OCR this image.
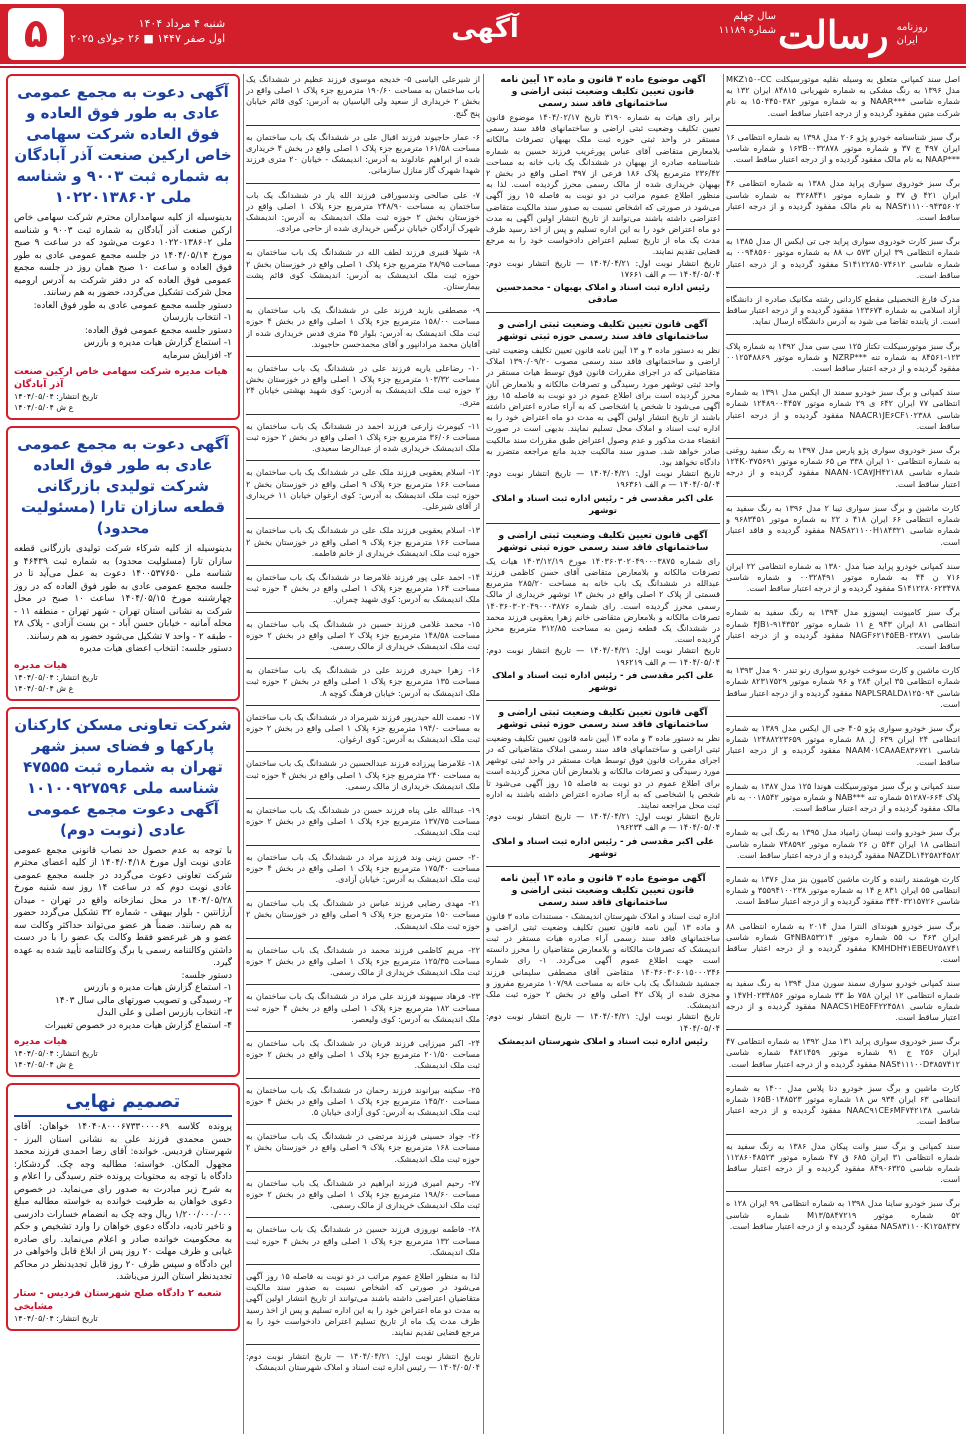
روزنامه
ایران
رسالت
سال چهلم
شماره ۱۱۱۸۹
آگهی
شنبه ۴ مرداد ۱۴۰۴
اول صفر ۱۴۴۷ ■ ۲۶ جولای ۲۰۲۵
۵
اصل سند کمپانی متعلق به وسیله نقلیه موتورسیکلت MKZ۱۵۰-CC مدل ۱۳۹۶ به رنگ مشکی به شماره شهربانی ۸۴۸۱۵ ایران ۱۳۲ به شماره شاسی ***NAAR و به شماره موتور ۱۵۰۴۴۵۰۳۸۲ به نام شرکت متین مفقود گردیده و از درجه اعتبار ساقط است.
برگ سبز شناسنامه خودرو پژو ۲۰۶ مدل ۱۳۹۸ به شماره انتظامی ۱۶ ایران ۴۹۷ ج ۳۷ و شماره موتور ۱۶۳B۰۰۳۲۸۷۸ و شماره شاسی ***NAAP به نام مالک مفقود گردیده و از درجه اعتبار ساقط است.
برگ سبز خودروی سواری پراید مدل ۱۳۸۸ به شماره انتظامی ۴۶ ایران ۴۲۱ ق ۳۷ و شماره موتور ۳۲۶۸۴۴۱ به شماره شاسی NAS۴۱۱۱۰۰۹۴۳۵۶۰۲ به نام مالک مفقود گردیده و از درجه اعتبار ساقط است.
برگ سبز کارت خودروی سواری پراید جی تی ایکس ال مدل ۱۳۸۵ به شماره انتظامی ۳۹ ایران ۵۷۳ ب ۸۸ به شماره موتور ۰۰۹۴۸۵۶۰ به شماره شاسی S۱۴۱۲۲۸۵۰۷۴۶۱۲ مفقود گردیده و از درجه اعتبار ساقط است.
مدرک فارغ التحصیلی مقطع کاردانی رشته مکانیک صادره از دانشگاه آزاد اسلامی به شماره ۱۲۳۶۷۴ مفقود گردیده و از درجه اعتبار ساقط است. از یابنده تقاضا می شود به آدرس دانشگاه ارسال نماید.
برگ سبز موتورسیکلت تکتاز ۱۲۵ سی سی مدل ۱۳۹۲ به شماره پلاک ۱۲۳-۸۴۵۶۱ به شماره تنه ***NZRP و شماره موتور ۰۰۱۲۵۴۸۸۶۹ مفقود گردیده و از درجه اعتبار ساقط است.
سند کمپانی و برگ سبز خودرو سمند ال ایکس مدل ۱۳۹۱ به شماره انتظامی ۷۷ ایران ۶۴۲ ی ۲۹ شماره موتور ۱۲۴۸۹۰۰۴۴۵۷ شماره شاسی NAACR۱JE۶CF۱۰۲۳۸۸ مفقود گردیده و از درجه اعتبار ساقط است.
برگ سبز خودروی سواری پژو پارس مدل ۱۳۹۷ به رنگ سفید روغنی به شماره انتظامی ۱۰ ایران ۳۳۸ ص ۶۵ شماره موتور ۱۲۴K۰۳۷۵۶۹۱ شماره شاسی NAAN۰۱CA۷JH۴۲۱۸۸ مفقود گردیده و از درجه اعتبار ساقط است.
کارت ماشین و برگ سبز سواری تیبا ۲ مدل ۱۳۹۶ به رنگ سفید به شماره انتظامی ۶۶ ایران ۴۱۸ د ۲۲ به شماره موتور ۹۶۸۳۴۵۱ و شماره شاسی NAS۸۲۱۱۰۰H۱۸۴۳۲۱ مفقود گردیده و فاقد اعتبار است.
سند کمپانی خودرو پراید صبا مدل ۱۳۸۰ به شماره انتظامی ۲۲ ایران ۷۱۶ ن ۴۴ به شماره موتور ۰۰۳۲۸۴۹۱ و شماره شاسی S۱۴۱۲۲۸۰۶۲۳۴۷۸ مفقود گردیده و از درجه اعتبار ساقط است.
برگ سبز کامیونت ایسوزو مدل ۱۳۹۴ به رنگ سفید به شماره انتظامی ۸۱ ایران ۹۴۳ ع ۱۱ شماره موتور ۴JB۱-۹۱۴۳۵۲ شماره شاسی NAGF۶۲۱۴۵EB۰۲۳۸۷۱ مفقود گردیده و از درجه اعتبار ساقط است.
کارت ماشین و کارت سوخت خودرو سواری رنو تندر ۹۰ مدل ۱۳۹۳ به شماره انتظامی ۳۵ ایران ۲۸۴ و ۹۶ شماره موتور ۸۲۳۱۷۵۲۹ شماره شاسی NAPLSRALD۸۱۲۵۰۹۴ مفقود گردیده و از درجه اعتبار ساقط است.
برگ سبز خودرو سواری پژو ۴۰۵ جی ال ایکس مدل ۱۳۸۹ به شماره انتظامی ۲۴ ایران ۶۳۹ ل ۸۸ شماره موتور ۱۲۴۸۸۲۲۳۶۵۹ شماره شاسی NAAM۰۱CA۸AE۸۳۶۷۲۱ مفقود گردیده و از درجه اعتبار ساقط است.
سند کمپانی و برگ سبز موتورسیکلت هوندا ۱۲۵ مدل ۱۳۸۷ به شماره پلاک ۶۶۴-۵۱۲۸۷ شماره تنه ***NAB و شماره موتور ۰۰۱۸۵۴۲ به نام مالک مفقود گردیده و از درجه اعتبار ساقط است.
برگ سبز خودرو وانت نیسان زامیاد مدل ۱۳۹۵ به رنگ آبی به شماره انتظامی ۱۸ ایران ۵۴۳ ن ۲۶ شماره موتور ۷۴۸۵۹۲ شماره شاسی NAZDL۱۴۲۵۸۲۴۵۸۲ مفقود گردیده و از درجه اعتبار ساقط است.
کارت هوشمند راننده و کارت ماشین کامیون بنز مدل ۱۳۷۶ به شماره انتظامی ۵۵ ایران ۸۳۱ ع ۱۴ به شماره موتور ۳۵۵۹۴۱۰۰۲۳۸ و شماره شاسی ۳۴۴۰۳۲۱۵۷۲۶ مفقود گردیده و از درجه اعتبار ساقط است.
برگ سبز خودرو هیوندای النترا مدل ۲۰۱۴ به شماره انتظامی ۸۸ ایران ۴۶۳ ب ۵۵ شماره موتور G۴NB۸۵۳۲۱۴ شماره شاسی KMHDH۴۱EBEU۲۵۸۷۴۱ مفقود گردیده و از درجه اعتبار ساقط است.
سند کمپانی خودرو سواری سمند سورن مدل ۱۳۹۴ به رنگ سفید به شماره انتظامی ۱۲ ایران ۷۵۸ ط ۳۳ شماره موتور ۱۴۷H۰۲۳۴۸۵۶ و شماره شاسی NAACS۱HE۵FF۲۲۴۵۸۱ مفقود گردیده و از درجه اعتبار ساقط است.
برگ سبز خودروی سواری پراید ۱۳۱ مدل ۱۳۹۲ به شماره انتظامی ۴۷ ایران ۲۵۶ ج ۹۱ شماره موتور ۴۸۲۱۴۵۹ شماره شاسی NAS۴۱۱۱۰۰D۳۸۵۷۴۱۲ مفقود گردیده و از درجه اعتبار ساقط است.
کارت ماشین و برگ سبز خودرو دنا پلاس مدل ۱۴۰۰ به شماره انتظامی ۶۳ ایران ۹۳۴ س ۱۸ شماره موتور ۱۶۵B۰۱۴۸۵۲۳ شماره شاسی NAAC۹۱CE۶MF۷۴۲۱۳۸ مفقود گردیده و از درجه اعتبار ساقط است.
سند کمپانی و برگ سبز وانت پیکان مدل ۱۳۸۶ به رنگ سفید به شماره انتظامی ۳۱ ایران ۶۸۵ ق ۴۷ شماره موتور ۱۱۲۸۶۰۴۸۵۲۳ شماره شاسی ۸۴۹۰۶۳۲۵ مفقود گردیده و از درجه اعتبار ساقط است.
برگ سبز خودرو ساینا مدل ۱۳۹۸ به شماره انتظامی ۹۹ ایران ۱۲۸ ه ۵۲ شماره موتور M۱۳/۵۸۴۷۲۱۹ شماره شاسی NAS۸۳۱۱۰۰K۱۲۵۸۴۳۷ مفقود گردیده و از درجه اعتبار ساقط است.
آگهی موضوع ماده ۳ قانون و ماده ۱۳ آیین نامه قانون تعیین تکلیف وضعیت ثبتی اراضی و ساختمانهای فاقد سند رسمی
برابر رای هیات به شماره ۳۱۹۰ تاریخ ۱۴۰۴/۰۲/۱۷ موضوع قانون تعیین تکلیف وضعیت ثبتی اراضی و ساختمانهای فاقد سند رسمی مستقر در واحد ثبتی حوزه ثبت ملک بهبهان تصرفات مالکانه بلامعارض متقاضی آقای عباس پورغریب فرزند حسین به شماره شناسنامه صادره از بهبهان در ششدانگ یک باب خانه به مساحت ۲۳۶/۴۲ مترمربع پلاک ۱۸۶ فرعی از ۳۹۷ اصلی واقع در بخش ۲ بهبهان خریداری شده از مالک رسمی محرز گردیده است. لذا به منظور اطلاع عموم مراتب در دو نوبت به فاصله ۱۵ روز آگهی می‌شود در صورتی که اشخاص نسبت به صدور سند مالکیت متقاضی اعتراضی داشته باشند می‌توانند از تاریخ انتشار اولین آگهی به مدت دو ماه اعتراض خود را به این اداره تسلیم و پس از اخذ رسید ظرف مدت یک ماه از تاریخ تسلیم اعتراض دادخواست خود را به مرجع قضایی تقدیم نمایند.
تاریخ انتشار نوبت اول: ۱۴۰۴/۰۴/۲۱ — تاریخ انتشار نوبت دوم: ۱۴۰۴/۰۵/۰۴ — م الف ۱۷۶۶۱
رئیس اداره ثبت اسناد و املاک بهبهان - محمدحسین صادقی
آگهی قانون تعیین تکلیف وضعیت ثبتی اراضی و ساختمانهای فاقد سند رسمی حوزه ثبتی توشهر
نظر به دستور ماده ۳ و ۱۳ آیین نامه قانون تعیین تکلیف وضعیت ثبتی اراضی و ساختمانهای فاقد سند رسمی مصوب ۱۳۹۰/۰۹/۲۰ املاک متقاضیانی که در اجرای مقررات قانون فوق توسط هیات مستقر در واحد ثبتی توشهر مورد رسیدگی و تصرفات مالکانه و بلامعارض آنان محرز گردیده است برای اطلاع عموم در دو نوبت به فاصله ۱۵ روز آگهی می‌شود تا شخص یا اشخاصی که به آراء صادره اعتراض داشته باشند از تاریخ انتشار اولین آگهی به مدت دو ماه اعتراض خود را به اداره ثبت اسناد و املاک محل تسلیم نمایند. بدیهی است در صورت انقضاء مدت مذکور و عدم وصول اعتراض طبق مقررات سند مالکیت صادر خواهد شد. صدور سند مالکیت جدید مانع مراجعه متضرر به دادگاه نخواهد بود.
تاریخ انتشار نوبت اول: ۱۴۰۴/۰۴/۲۱ — تاریخ انتشار نوبت دوم: ۱۴۰۴/۰۵/۰۴ — م الف ۱۹۶۳۶۱
علی اکبر مقدسی فر - رئیس اداره ثبت اسناد و املاک توشهر
آگهی قانون تعیین تکلیف وضعیت ثبتی اراضی و ساختمانهای فاقد سند رسمی حوزه ثبتی توشهر
رای شماره ۱۴۰۳۶۰۳۰۲۰۴۹۰۰۰۳۸۷۵ مورخ ۱۴۰۳/۱۲/۱۹ هیات یک تصرفات مالکانه و بلامعارض متقاضی آقای حسن کاظمی فرزند عبدالله در ششدانگ یک باب خانه به مساحت ۲۸۵/۲۰ مترمربع قسمتی از پلاک ۲ اصلی واقع در بخش ۱۳ توشهر خریداری از مالک رسمی محرز گردیده است. رای شماره ۱۴۰۳۶۰۳۰۲۰۴۹۰۰۰۳۸۷۶ تصرفات مالکانه و بلامعارض متقاضی خانم زهرا یعقوبی فرزند محمد در ششدانگ یک قطعه زمین به مساحت ۳۱۲/۸۵ مترمربع محرز گردیده است.
تاریخ انتشار نوبت اول: ۱۴۰۴/۰۴/۲۱ — تاریخ انتشار نوبت دوم: ۱۴۰۴/۰۵/۰۴ — م الف ۱۹۶۲۱۹
علی اکبر مقدسی فر - رئیس اداره ثبت اسناد و املاک توشهر
آگهی قانون تعیین تکلیف وضعیت ثبتی اراضی و ساختمانهای فاقد سند رسمی حوزه ثبتی توشهر
نظر به دستور ماده ۳ و ماده ۱۳ آیین نامه قانون تعیین تکلیف وضعیت ثبتی اراضی و ساختمانهای فاقد سند رسمی املاک متقاضیانی که در اجرای مقررات قانون فوق توسط هیات مستقر در واحد ثبتی توشهر مورد رسیدگی و تصرفات مالکانه و بلامعارض آنان محرز گردیده است برای اطلاع عموم در دو نوبت به فاصله ۱۵ روز آگهی می‌شود تا شخص یا اشخاصی که به آراء صادره اعتراض داشته باشند به اداره ثبت محل مراجعه نمایند.
تاریخ انتشار نوبت اول: ۱۴۰۴/۰۴/۲۱ — تاریخ انتشار نوبت دوم: ۱۴۰۴/۰۵/۰۴ — م الف ۱۹۶۲۳۴
علی اکبر مقدسی فر - رئیس اداره ثبت اسناد و املاک توشهر
آگهی موضوع ماده ۳ قانون و ماده ۱۳ آیین نامه قانون تعیین تکلیف وضعیت ثبتی اراضی و ساختمانهای فاقد سند رسمی
اداره ثبت اسناد و املاک شهرستان اندیمشک - مستندات ماده ۳ قانون و ماده ۱۳ آیین نامه قانون تعیین تکلیف وضعیت ثبتی اراضی و ساختمانهای فاقد سند رسمی آراء صادره هیات مستقر در ثبت اندیمشک که تصرفات مالکانه و بلامعارض متقاضیان را محرز دانسته است جهت اطلاع عموم آگهی می‌گردد. ۱- رای شماره ۱۴۰۴۶۰۳۰۶۰۱۵۰۰۰۳۴۶ متقاضی آقای مصطفی سلیمانی فرزند جمشید ششدانگ یک باب خانه به مساحت ۱۰۷/۹۸ مترمربع مفروز و مجزی شده از پلاک ۴۲ اصلی واقع در بخش ۲ حوزه ثبت ملک اندیمشک.
تاریخ انتشار نوبت اول: ۱۴۰۴/۰۴/۲۱ — تاریخ انتشار نوبت دوم: ۱۴۰۴/۰۵/۰۴
رئیس اداره ثبت اسناد و املاک شهرستان اندیمشک
از شیرعلی الیاسی ۵- خدیجه موسوی فرزند عظیم در ششدانگ یک باب ساختمان به مساحت ۱۹۰/۶۰ مترمربع جزء پلاک ۱ اصلی واقع در بخش ۲ خریداری از سعید ولی الیاسیان به آدرس: کوی قائم خیابان پنج گنج.
۶- عمار حاجیوند فرزند اقبال علی در ششدانگ یک باب ساختمان به مساحت ۱۶۱/۵۸ مترمربع جزء پلاک ۱ اصلی واقع در بخش ۴ خریداری شده از ابراهیم عادلوند به آدرس: اندیمشک - خیابان ۲۰ متری فرزند شهدا شهرک گاز منازل سازمانی.
۷- علی صالحی وندسوراقی فرزند الله یار در ششدانگ یک باب ساختمان به مساحت ۲۴۸/۹۰ مترمربع جزء پلاک ۱ اصلی واقع در خوزستان بخش ۲ حوزه ثبت ملک اندیمشک به آدرس: اندیمشک شهرک آزادگان خیابان نرگس خریداری شده از حاجی مرادی.
۸- شهلا قنبری فرزند لطف الله در ششدانگ یک باب ساختمان به مساحت ۲۸/۹۵ مترمربع جزء پلاک ۱ اصلی واقع در خوزستان بخش ۲ حوزه ثبت ملک اندیمشک به آدرس: اندیمشک کوی قائم پشت بیمارستان.
۹- مصطفی بازید فرزند علی در ششدانگ یک باب ساختمان به مساحت ۱۵۸/۰۰ مترمربع جزء پلاک ۱ اصلی واقع در بخش ۴ حوزه ثبت ملک اندیمشک به آدرس: بلوار ۴۵ متری قدس خریداری شده از آقایان محمد مرادانپور و آقای محمدحسن حاجیوند.
۱۰- رضاعلی یاریه فرزند علی در ششدانگ یک باب ساختمان به مساحت ۱۰۳/۳۲ مترمربع جزء پلاک ۱ اصلی واقع در خوزستان بخش ۲ حوزه ثبت ملک اندیمشک به آدرس: کوی شهید بهشتی خیابان ۲۴ متری.
۱۱- کیومرث زارعی فرزند احمد در ششدانگ یک باب ساختمان به مساحت ۳۶/۰۶ مترمربع جزء پلاک ۱ اصلی واقع در بخش ۲ حوزه ثبت ملک اندیمشک خریداری شده از عبدالرضا سعیدی.
۱۲- اسلام یعقوبی فرزند ملک علی در ششدانگ یک باب ساختمان به مساحت ۱۶۶ مترمربع جزء پلاک ۹ اصلی واقع در خوزستان بخش ۲ حوزه ثبت ملک اندیمشک به آدرس: کوی ارغوان خیابان ۱۱ خریداری از آقای شیرعلی.
۱۳- اسلام یعقوبی فرزند ملک علی در ششدانگ یک باب ساختمان به مساحت ۱۶۶ مترمربع جزء پلاک ۹ اصلی واقع در خوزستان بخش ۲ حوزه ثبت ملک اندیمشک خریداری از خانم فاطمه.
۱۴- احمد علی پور فرزند غلامرضا در ششدانگ یک باب ساختمان به مساحت ۱۶۴ مترمربع جزء پلاک ۱ اصلی واقع در بخش ۴ حوزه ثبت ملک اندیمشک به آدرس: کوی شهید چمران.
۱۵- محمد غلامی فرزند حسین در ششدانگ یک باب ساختمان به مساحت ۱۴۸/۵۸ مترمربع جزء پلاک ۲ اصلی واقع در بخش ۲ حوزه ثبت ملک اندیمشک خریداری از مالک رسمی.
۱۶- زهرا حیدری فرزند علی در ششدانگ یک باب ساختمان به مساحت ۱۳۵ مترمربع جزء پلاک ۱ اصلی واقع در بخش ۲ حوزه ثبت ملک اندیمشک به آدرس: خیابان فرهنگ کوچه ۸.
۱۷- نعمت الله حیدرپور فرزند شیرمراد در ششدانگ یک باب ساختمان به مساحت ۱۹۴/۰ مترمربع جزء پلاک ۱ اصلی واقع در بخش ۲ حوزه ثبت ملک اندیمشک به آدرس: کوی ارغوان.
۱۸- غلامرضا پیرزاده فرزند عبدالحسین در ششدانگ یک باب ساختمان به مساحت ۲۴۰ مترمربع جزء پلاک ۱ اصلی واقع در بخش ۴ حوزه ثبت ملک اندیمشک خریداری از مالک رسمی.
۱۹- عبدالله علی پناه فرزند حسن در ششدانگ یک باب ساختمان به مساحت ۱۳۷/۷۵ مترمربع جزء پلاک ۱ اصلی واقع در بخش ۲ حوزه ثبت ملک اندیمشک.
۲۰- حسن زینی وند فرزند مراد در ششدانگ یک باب ساختمان به مساحت ۱۷۵/۴۰ مترمربع جزء پلاک ۱ اصلی واقع در بخش ۴ حوزه ثبت ملک اندیمشک به آدرس: خیابان آزادی.
۲۱- مهدی رضایی فرزند عباس در ششدانگ یک باب ساختمان به مساحت ۱۵۰ مترمربع جزء پلاک ۹ اصلی واقع در خوزستان بخش ۲ حوزه ثبت ملک اندیمشک.
۲۲- مریم کاظمی فرزند محمد در ششدانگ یک باب ساختمان به مساحت ۱۲۵/۳۵ مترمربع جزء پلاک ۱ اصلی واقع در بخش ۲ حوزه ثبت ملک اندیمشک خریداری از مالک رسمی.
۲۳- فرهاد سپهوند فرزند علی مراد در ششدانگ یک باب ساختمان به مساحت ۱۸۲ مترمربع جزء پلاک ۱ اصلی واقع در بخش ۴ حوزه ثبت ملک اندیمشک به آدرس: کوی ولیعصر.
۲۴- اکبر میرزایی فرزند قربان در ششدانگ یک باب ساختمان به مساحت ۲۰۱/۵۰ مترمربع جزء پلاک ۱ اصلی واقع در بخش ۲ حوزه ثبت ملک اندیمشک.
۲۵- سکینه بیرانوند فرزند رحمان در ششدانگ یک باب ساختمان به مساحت ۱۴۵/۲۰ مترمربع جزء پلاک ۱ اصلی واقع در بخش ۴ حوزه ثبت ملک اندیمشک به آدرس: کوی آزادی خیابان ۵.
۲۶- جواد حسینی فرزند مرتضی در ششدانگ یک باب ساختمان به مساحت ۱۶۸ مترمربع جزء پلاک ۹ اصلی واقع در خوزستان بخش ۲ حوزه ثبت ملک اندیمشک.
۲۷- رحیم امیری فرزند ابراهیم در ششدانگ یک باب ساختمان به مساحت ۱۹۸/۶۰ مترمربع جزء پلاک ۱ اصلی واقع در بخش ۲ حوزه ثبت ملک اندیمشک خریداری از مالک رسمی.
۲۸- فاطمه نوروزی فرزند حسین در ششدانگ یک باب ساختمان به مساحت ۱۳۲ مترمربع جزء پلاک ۱ اصلی واقع در بخش ۴ حوزه ثبت ملک اندیمشک.
لذا به منظور اطلاع عموم مراتب در دو نوبت به فاصله ۱۵ روز آگهی می‌شود در صورتی که اشخاص نسبت به صدور سند مالکیت متقاضیان اعتراضی داشته باشند می‌توانند از تاریخ انتشار اولین آگهی به مدت دو ماه اعتراض خود را به این اداره تسلیم و پس از اخذ رسید ظرف مدت یک ماه از تاریخ تسلیم اعتراض دادخواست خود را به مرجع قضایی تقدیم نمایند.
تاریخ انتشار نوبت اول: ۱۴۰۴/۰۴/۲۱ — تاریخ انتشار نوبت دوم: ۱۴۰۴/۰۵/۰۴ — رئیس اداره ثبت اسناد و املاک شهرستان اندیمشک
آگهی دعوت به مجمع عمومی عادی به طور فوق العاده و فوق العاده شرکت سهامی خاص ارکین صنعت آذر آبادگان به شماره ثبت ۹۰۰۳ و شناسه ملی ۱۰۲۲۰۱۳۸۶۰۲
بدینوسیله از کلیه سهامداران محترم شرکت سهامی خاص ارکین صنعت آذر آبادگان به شماره ثبت ۹۰۰۳ و شناسه ملی ۱۰۲۲۰۱۳۸۶۰۲ دعوت می‌شود که در ساعت ۹ صبح مورخ ۱۴۰۴/۰۵/۱۴ در جلسه مجمع عمومی عادی به طور فوق العاده و ساعت ۱۰ صبح همان روز در جلسه مجمع عمومی فوق العاده که در دفتر شرکت به آدرس ارومیه محل شرکت تشکیل می‌گردد، حضور به هم رسانند.
دستور جلسه مجمع عمومی عادی به طور فوق العاده:
۱- انتخاب بازرسان
دستور جلسه مجمع عمومی فوق العاده:
۱- استماع گزارش هیات مدیره و بازرس
۲- افزایش سرمایه
هیات مدیره شرکت سهامی خاص ارکین صنعت آذر آبادگان
تاریخ انتشار: ۱۴۰۴/۰۵/۰۴
ع ش ۱۴۰۴/۰۵/۰۴
آگهی دعوت به مجمع عمومی عادی به طور فوق العاده شرکت تولیدی بازرگانی قطعه سازان تارا (مسئولیت محدود)
بدینوسیله از کلیه شرکاء شرکت تولیدی بازرگانی قطعه سازان تارا (مسئولیت محدود) به شماره ثبت ۴۶۴۳۹ و شناسه ملی ۱۴۰۰۵۳۷۶۵۰ دعوت به عمل می‌آید تا در جلسه مجمع عمومی عادی به طور فوق العاده که در روز چهارشنبه مورخ ۱۴۰۴/۰۵/۱۵ ساعت ۱۰ صبح در محل شرکت به نشانی استان تهران - شهر تهران - منطقه ۱۱ - محله آمانیه - خیابان حسن آباد - بن بست آزادی - پلاک ۲۸ - طبقه ۲ - واحد ۷ تشکیل می‌شود حضور به هم رسانند.
دستور جلسه: انتخاب اعضای هیات مدیره
هیات مدیره
تاریخ انتشار: ۱۴۰۴/۰۵/۰۴
ع ش ۱۴۰۴/۰۵/۰۴
شرکت تعاونی مسکن کارکنان پارکها و فضای سبز شهر تهران به شماره ثبت ۴۷۵۵۵ شناسه ملی ۱۰۱۰۰۹۲۷۵۹۶ آگهی دعوت مجمع عمومی عادی (نوبت دوم)
با توجه به عدم حصول حد نصاب قانونی مجمع عمومی عادی نوبت اول مورخ ۱۴۰۴/۰۴/۱۸ از کلیه اعضای محترم شرکت تعاونی دعوت می‌گردد در جلسه مجمع عمومی عادی نوبت دوم که در ساعت ۱۴ روز سه شنبه مورخ ۱۴۰۴/۰۵/۲۸ در محل نمازخانه واقع در تهران - میدان آرژانتین - بلوار بیهقی - شماره ۳۲ تشکیل می‌گردد حضور به هم رسانند. ضمناً هر عضو می‌تواند حداکثر وکالت سه عضو و هر غیرعضو فقط وکالت یک عضو را با در دست داشتن وکالتنامه رسمی یا برگ وکالتنامه تأیید شده به عهده گیرد.
دستور جلسه:
۱- استماع گزارش هیات مدیره و بازرس
۲- رسیدگی و تصویب صورتهای مالی سال ۱۴۰۳
۳- انتخاب بازرس اصلی و علی البدل
۴- استماع گزارش هیات مدیره در خصوص تغییرات
هیات مدیره
تاریخ انتشار: ۱۴۰۴/۰۵/۰۴
ع ش ۱۴۰۴/۰۵/۰۴
تصمیم نهایی
پرونده کلاسه ۱۴۰۴۰۸۰۰۰۶۷۳۳۰۰۰۰۶۹ خواهان: آقای حسن محمدی فرزند علی به نشانی استان البرز - شهرستان فردیس. خوانده: آقای رضا احمدی فرزند محمد مجهول المکان. خواسته: مطالبه وجه چک. گردشکار: دادگاه با توجه به محتویات پرونده ختم رسیدگی را اعلام و به شرح زیر مبادرت به صدور رای می‌نماید. در خصوص دعوی خواهان به طرفیت خوانده به خواسته مطالبه مبلغ ۱/۲۰۰/۰۰۰/۰۰۰ ریال وجه چک به انضمام خسارات دادرسی و تاخیر تادیه، دادگاه دعوی خواهان را وارد تشخیص و حکم به محکومیت خوانده صادر و اعلام می‌نماید. رای صادره غیابی و ظرف مهلت ۲۰ روز پس از ابلاغ قابل واخواهی در این دادگاه و سپس ظرف ۲۰ روز قابل تجدیدنظر در محاکم تجدیدنظر استان البرز می‌باشد.
شعبه ۲ دادگاه صلح شهرستان فردیس - ستار مشایخی
تاریخ انتشار: ۱۴۰۴/۰۵/۰۴
